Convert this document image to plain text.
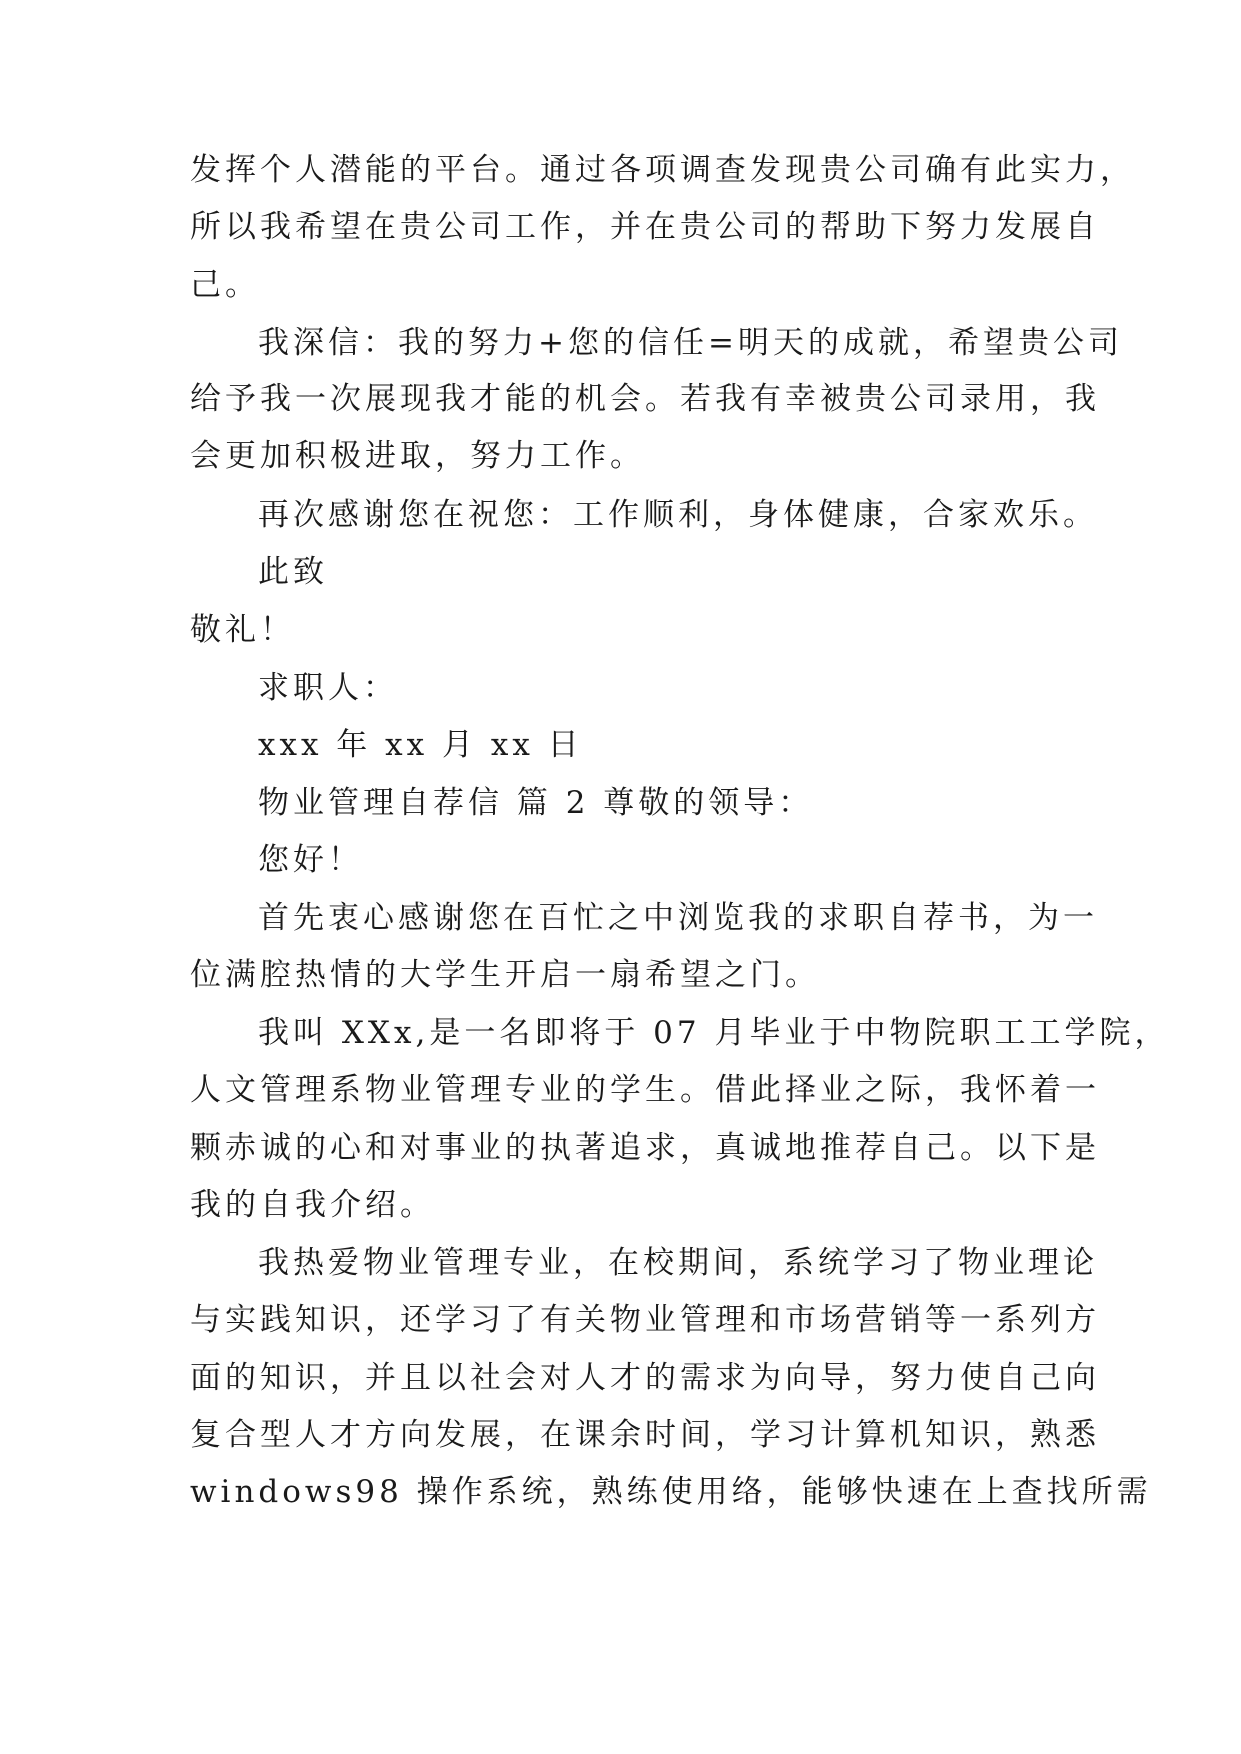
发挥个人潜能的平台。通过各项调查发现贵公司确有此实力，
所以我希望在贵公司工作，并在贵公司的帮助下努力发展自
己。
我深信：我的努力+您的信任=明天的成就，希望贵公司
给予我一次展现我才能的机会。若我有幸被贵公司录用，我
会更加积极进取，努力工作。
再次感谢您在祝您：工作顺利，身体健康，合家欢乐。
此致
敬礼！
求职人：
xxx 年 xx 月 xx 日
物业管理自荐信 篇 2 尊敬的领导：
您好！
首先衷心感谢您在百忙之中浏览我的求职自荐书，为一
位满腔热情的大学生开启一扇希望之门。
我叫 XXx,是一名即将于 07 月毕业于中物院职工工学院，
人文管理系物业管理专业的学生。借此择业之际，我怀着一
颗赤诚的心和对事业的执著追求，真诚地推荐自己。以下是
我的自我介绍。
我热爱物业管理专业，在校期间，系统学习了物业理论
与实践知识，还学习了有关物业管理和市场营销等一系列方
面的知识，并且以社会对人才的需求为向导，努力使自己向
复合型人才方向发展，在课余时间，学习计算机知识，熟悉
windows98 操作系统，熟练使用络，能够快速在上查找所需
